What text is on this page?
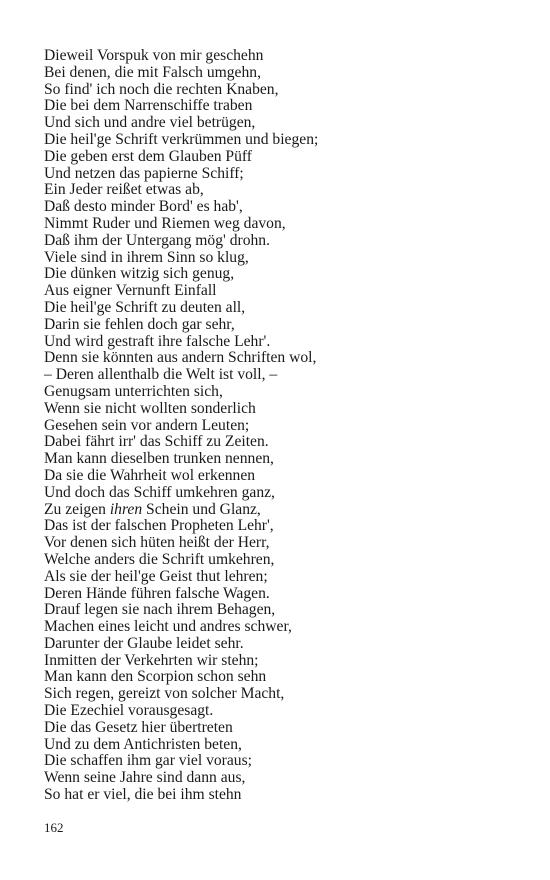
Dieweil Vorspuk von mir geschehn
Bei denen, die mit Falsch umgehn,
So find' ich noch die rechten Knaben,
Die bei dem Narrenschiffe traben
Und sich und andre viel betrügen,
Die heil'ge Schrift verkrümmen und biegen;
Die geben erst dem Glauben Püff
Und netzen das papierne Schiff;
Ein Jeder reißet etwas ab,
Daß desto minder Bord' es hab',
Nimmt Ruder und Riemen weg davon,
Daß ihm der Untergang mög' drohn.
Viele sind in ihrem Sinn so klug,
Die dünken witzig sich genug,
Aus eigner Vernunft Einfall
Die heil'ge Schrift zu deuten all,
Darin sie fehlen doch gar sehr,
Und wird gestraft ihre falsche Lehr'.
Denn sie könnten aus andern Schriften wol,
– Deren allenthalb die Welt ist voll, –
Genugsam unterrichten sich,
Wenn sie nicht wollten sonderlich
Gesehen sein vor andern Leuten;
Dabei fährt irr' das Schiff zu Zeiten.
Man kann dieselben trunken nennen,
Da sie die Wahrheit wol erkennen
Und doch das Schiff umkehren ganz,
Zu zeigen ihren Schein und Glanz,
Das ist der falschen Propheten Lehr',
Vor denen sich hüten heißt der Herr,
Welche anders die Schrift umkehren,
Als sie der heil'ge Geist thut lehren;
Deren Hände führen falsche Wagen.
Drauf legen sie nach ihrem Behagen,
Machen eines leicht und andres schwer,
Darunter der Glaube leidet sehr.
Inmitten der Verkehrten wir stehn;
Man kann den Scorpion schon sehn
Sich regen, gereizt von solcher Macht,
Die Ezechiel vorausgesagt.
Die das Gesetz hier übertreten
Und zu dem Antichristen beten,
Die schaffen ihm gar viel voraus;
Wenn seine Jahre sind dann aus,
So hat er viel, die bei ihm stehn
162
